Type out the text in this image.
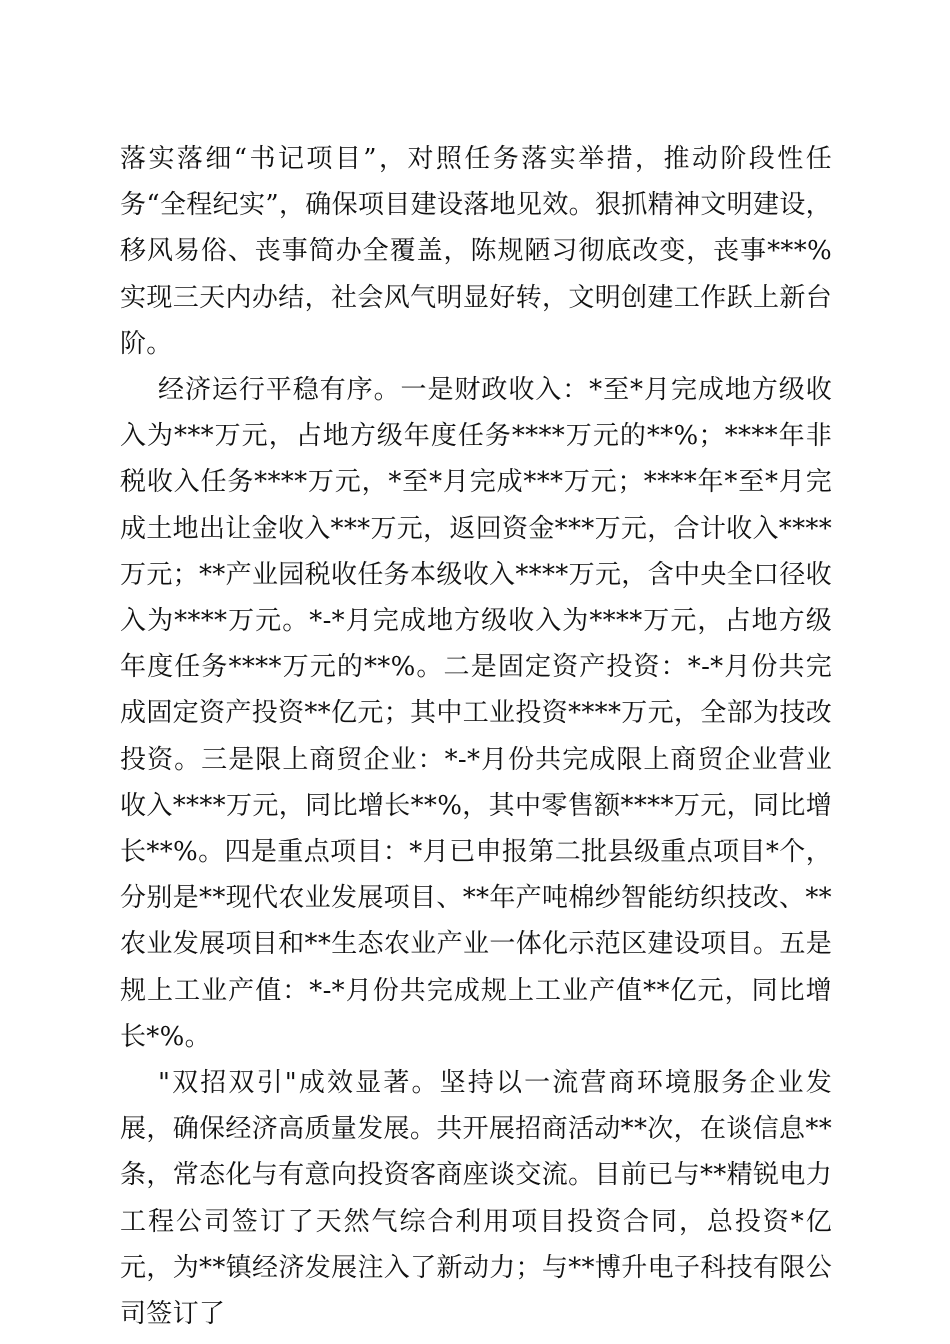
落实落细“书记项目”，对照任务落实举措，推动阶段性任务“全程纪实”，确保项目建设落地见效。狠抓精神文明建设，移风易俗、丧事简办全覆盖，陈规陋习彻底改变，丧事***%实现三天内办结，社会风气明显好转，文明创建工作跃上新台阶。

经济运行平稳有序。一是财政收入：*至*月完成地方级收入为***万元，占地方级年度任务****万元的**%；****年非税收入任务****万元，*至*月完成***万元；****年*至*月完成土地出让金收入***万元，返回资金***万元，合计收入****万元；**产业园税收任务本级收入****万元，含中央全口径收入为****万元。*-*月完成地方级收入为****万元，占地方级年度任务****万元的**%。二是固定资产投资：*-*月份共完成固定资产投资**亿元；其中工业投资****万元，全部为技改投资。三是限上商贸企业：*-*月份共完成限上商贸企业营业收入****万元，同比增长**%，其中零售额****万元，同比增长**%。四是重点项目：*月已申报第二批县级重点项目*个，分别是**现代农业发展项目、**年产吨棉纱智能纺织技改、**农业发展项目和**生态农业产业一体化示范区建设项目。五是规上工业产值：*-*月份共完成规上工业产值**亿元，同比增长*%。

"双招双引"成效显著。坚持以一流营商环境服务企业发展，确保经济高质量发展。共开展招商活动**次，在谈信息**条，常态化与有意向投资客商座谈交流。目前已与**精锐电力工程公司签订了天然气综合利用项目投资合同，总投资*亿元，为**镇经济发展注入了新动力；与**博升电子科技有限公司签订了
